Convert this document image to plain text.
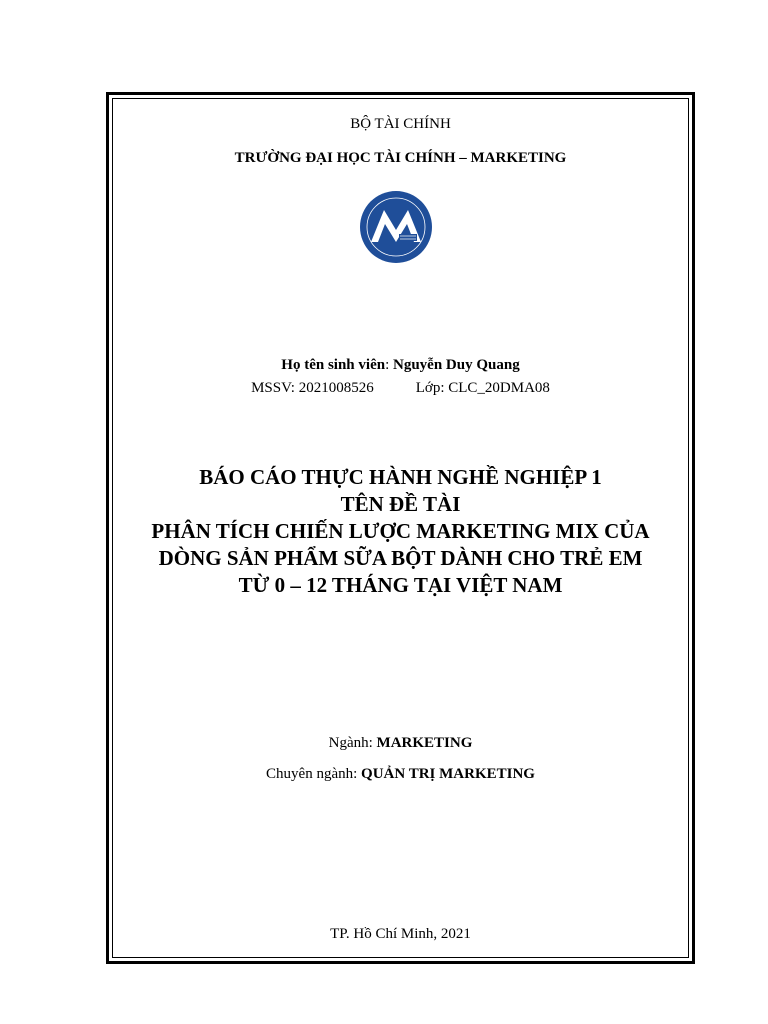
BỘ TÀI CHÍNH
TRƯỜNG ĐẠI HỌC TÀI CHÍNH – MARKETING
Họ tên sinh viên: Nguyễn Duy Quang
MSSV: 2021008526	Lớp: CLC_20DMA08
BÁO CÁO THỰC HÀNH NGHỀ NGHIỆP 1
TÊN ĐỀ TÀI
PHÂN TÍCH CHIẾN LƯỢC MARKETING MIX CỦA
DÒNG SẢN PHẨM SỮA BỘT DÀNH CHO TRẺ EM
TỪ 0 – 12 THÁNG TẠI VIỆT NAM
Ngành: MARKETING
Chuyên ngành: QUẢN TRỊ MARKETING
TP. Hồ Chí Minh, 2021
